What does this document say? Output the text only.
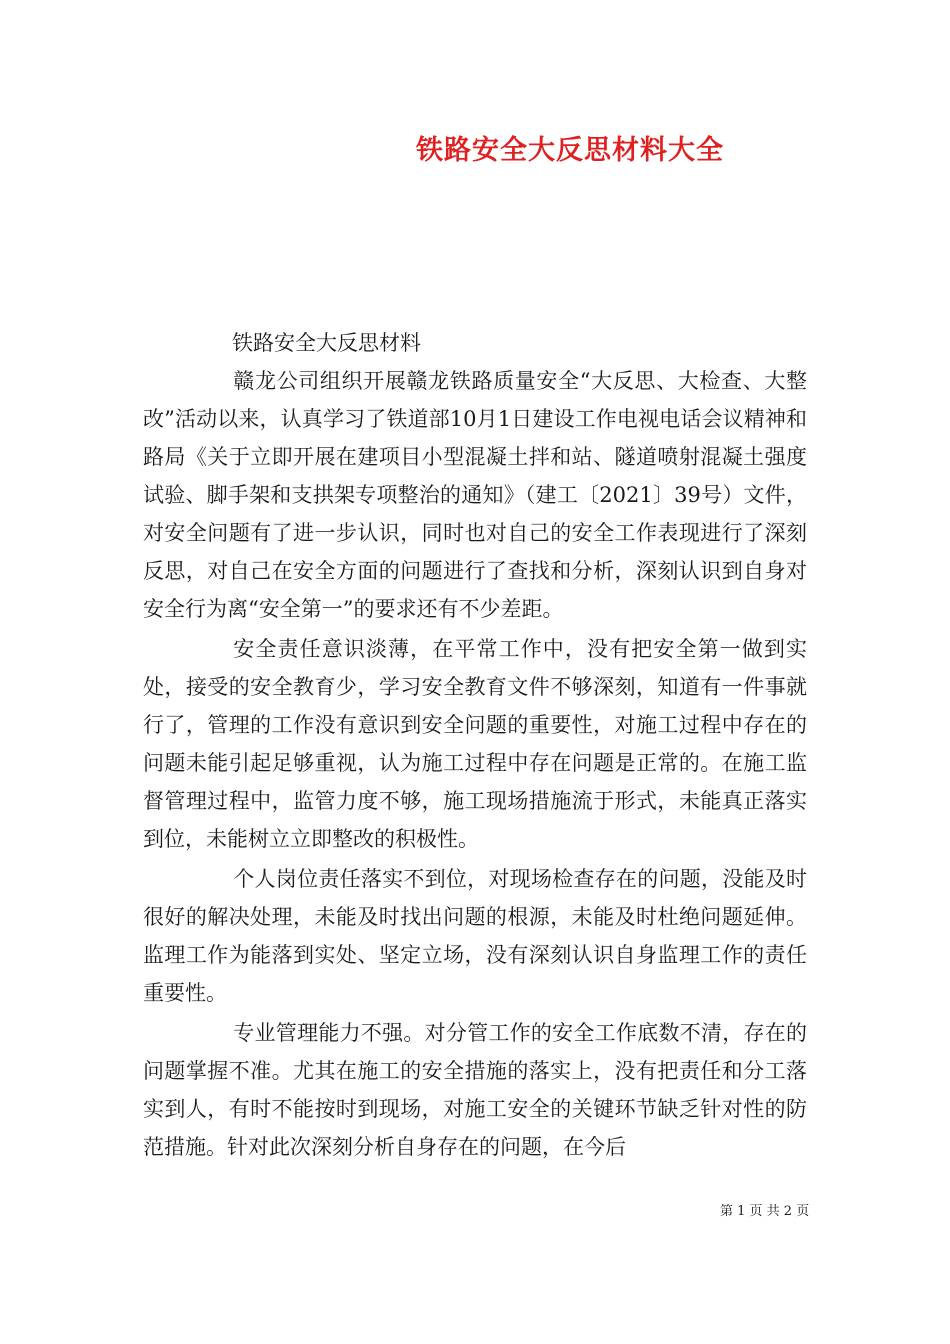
铁路安全大反思材料大全
铁路安全大反思材料

赣龙公司组织开展赣龙铁路质量安全“大反思、大检查、大整改”活动以来，认真学习了铁道部10月1日建设工作电视电话会议精神和路局《关于立即开展在建项目小型混凝土拌和站、隧道喷射混凝土强度试验、脚手架和支拱架专项整治的通知》（建工〔2021〕39号）文件，对安全问题有了进一步认识，同时也对自己的安全工作表现进行了深刻反思，对自己在安全方面的问题进行了查找和分析，深刻认识到自身对安全行为离“安全第一”的要求还有不少差距。

安全责任意识淡薄，在平常工作中，没有把安全第一做到实处，接受的安全教育少，学习安全教育文件不够深刻，知道有一件事就行了，管理的工作没有意识到安全问题的重要性，对施工过程中存在的问题未能引起足够重视，认为施工过程中存在问题是正常的。在施工监督管理过程中，监管力度不够，施工现场措施流于形式，未能真正落实到位，未能树立立即整改的积极性。

个人岗位责任落实不到位，对现场检查存在的问题，没能及时很好的解决处理，未能及时找出问题的根源，未能及时杜绝问题延伸。监理工作为能落到实处、坚定立场，没有深刻认识自身监理工作的责任重要性。

专业管理能力不强。对分管工作的安全工作底数不清，存在的问题掌握不准。尤其在施工的安全措施的落实上，没有把责任和分工落实到人，有时不能按时到现场，对施工安全的关键环节缺乏针对性的防范措施。针对此次深刻分析自身存在的问题，在今后

第 1 页 共 2 页
